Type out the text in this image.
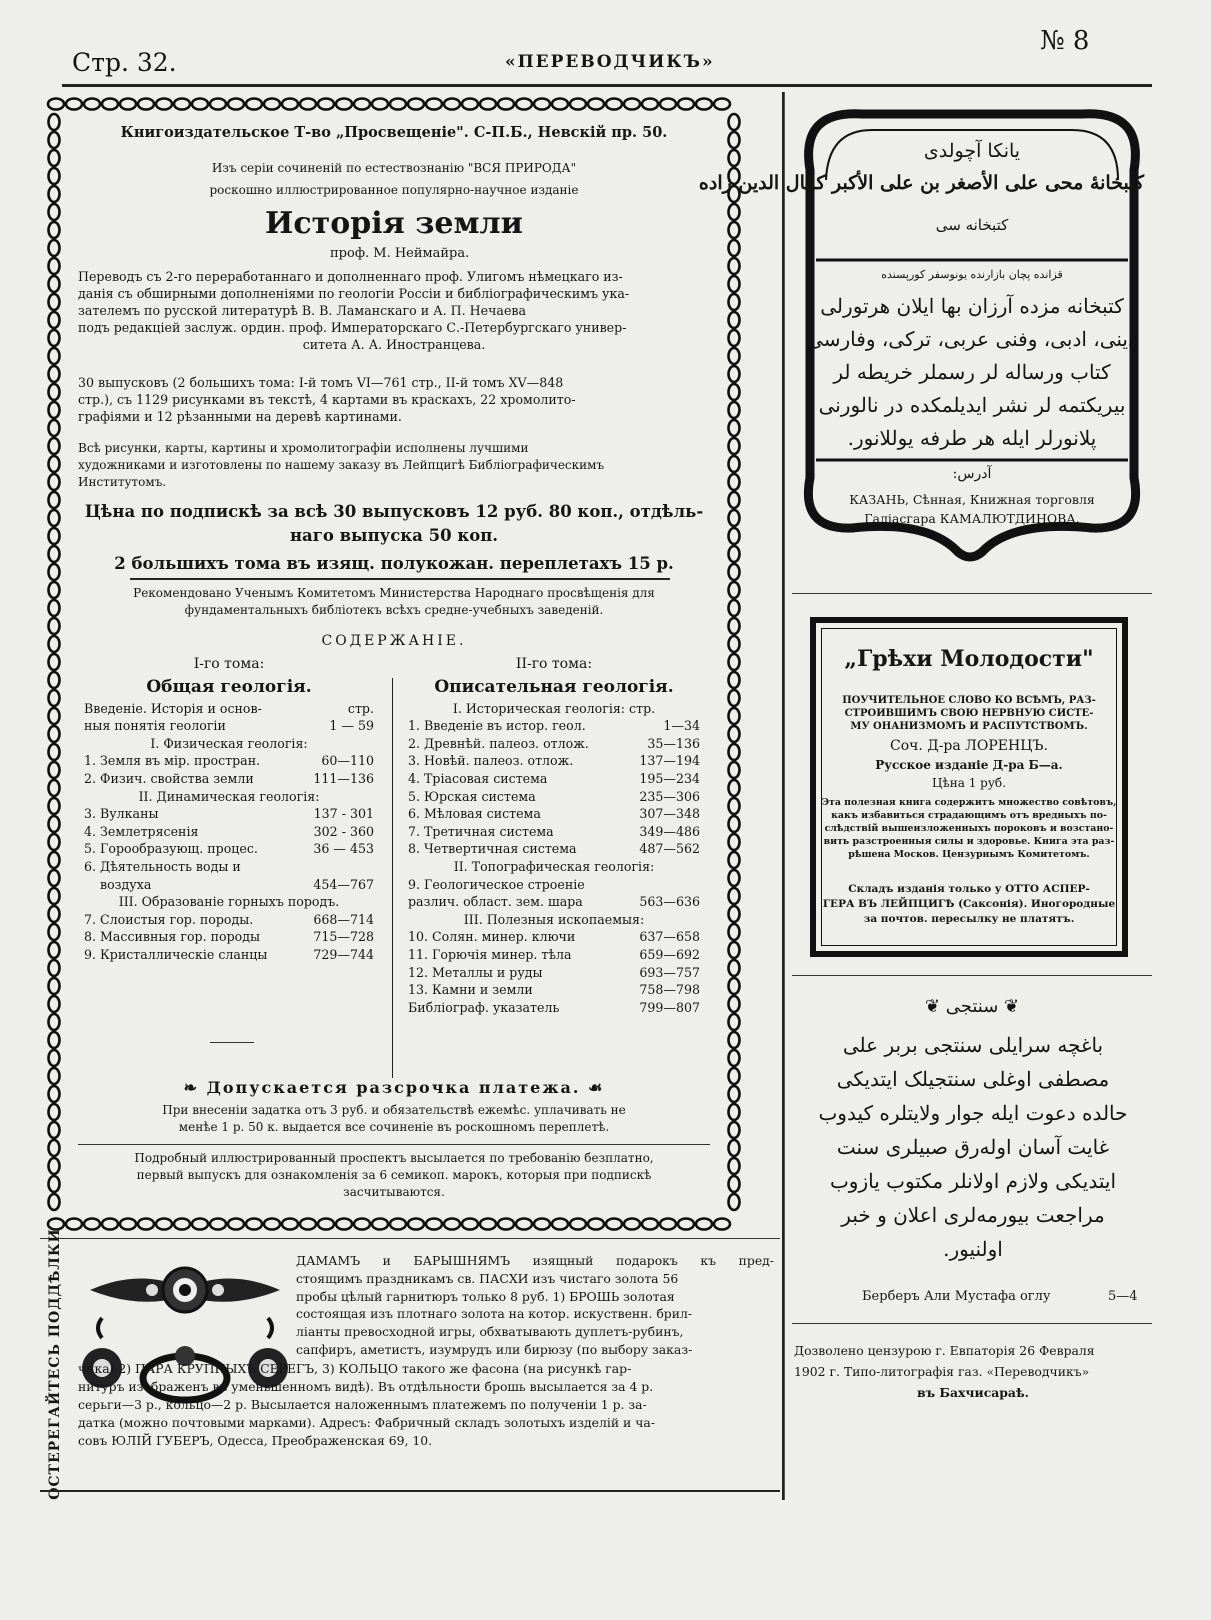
Стр. 32.	«ПЕРЕВОДЧИКЪ»
№ 8
Книгоиздательское Т-во „Просвещеніе". С-П.Б., Невскій пр. 50.
Изъ серіи сочиненій по естествознанію "ВСЯ ПРИРОДА"
роскошно иллюстрированное популярно-научное изданіе
Исторія земли
проф. М. Неймайра.
Переводъ съ 2-го переработаннаго и дополненнаго проф. Улигомъ нѣмецкаго из-
данія съ обширными дополненіями по геологіи Россіи и библіографическимъ ука-
зателемъ по русской литературѣ В. В. Ламанскаго и А. П. Нечаева
подъ редакціей заслуж. ордин. проф. Императорскаго С.-Петербургскаго универ-
ситета А. А. Иностранцева.
30 выпусковъ (2 большихъ тома: І-й томъ VІ—761 стр., ІІ-й томъ XV—848
стр.), съ 1129 рисунками въ текстѣ, 4 картами въ краскахъ, 22 хромолито-
графіями и 12 рѣзанными на деревѣ картинами.
Всѣ рисунки, карты, картины и хромолитографіи исполнены лучшими
художниками и изготовлены по нашему заказу въ Лейпцигѣ Библіографическимъ
Институтомъ.
Цѣна по подпискѣ за всѣ 30 выпусковъ 12 руб. 80 коп., отдѣль-
наго выпуска 50 коп.
2 большихъ тома въ изящ. полукожан. переплетахъ 15 р.
Рекомендовано Ученымъ Комитетомъ Министерства Народнаго просвѣщенія для
фундаментальныхъ библіотекъ всѣхъ средне-учебныхъ заведеній.
СОДЕРЖАНІЕ.
І-го тома:
Общая геологія.
Введеніе. Исторія и основ-	стр.
ныя понятія геологіи	1 — 59
І. Физическая геологія:
1. Земля въ мір. простран.	60—110
2. Физич. свойства земли	111—136
ІІ. Динамическая геологія:
3. Вулканы	137 - 301
4. Землетрясенія	302 - 360
5. Горообразующ. процес.	36 — 453
6. Дѣятельность воды и
воздуха	454—767
ІІІ. Образованіе горныхъ породъ.
7. Слоистыя гор. породы.	668—714
8. Массивныя гор. породы	715—728
9. Кристаллическіе сланцы	729—744
ІІ-го тома:
Описательная геологія.
І. Историческая геологія: стр.
1. Введеніе въ истор. геол.	1—34
2. Древнѣй. палеоз. отлож.	35—136
3. Новѣй. палеоз. отлож.	137—194
4. Тріасовая система	195—234
5. Юрская система	235—306
6. Мѣловая система	307—348
7. Третичная система	349—486
8. Четвертичная система	487—562
ІІ. Топографическая геологія:
9. Геологическое строеніе
различ. област. зем. шара	563—636
ІІІ. Полезныя ископаемыя:
10. Солян. минер. ключи	637—658
11. Горючія минер. тѣла	659—692
12. Металлы и руды	693—757
13. Камни и земли	758—798
Библіограф. указатель	799—807
❧ Допускается разсрочка платежа. ☙
При внесеніи задатка отъ 3 руб. и обязательствѣ ежемѣс. уплачивать не
менѣе 1 р. 50 к. выдается все сочиненіе въ роскошномъ переплетѣ.
Подробный иллюстрированный проспектъ высылается по требованію безплатно,
первый выпускъ для ознакомленія за 6 семикоп. марокъ, которыя при подпискѣ
засчитываются.
ОСТЕРЕГАЙТЕСЬ ПОДДѢЛКИ	ДАМАМЪ и БАРЫШНЯМЪ изящный подарокъ къ пред-
стоящимъ праздникамъ св. ПАСХИ изъ чистаго золота 56
пробы цѣлый гарнитюръ только 8 руб. 1) БРОШЬ золотая
состоящая изъ плотнаго золота на котор. искуственн. брил-
ліанты превосходной игры, обхватывають дуплетъ-рубинъ,
сапфиръ, аметистъ, изумрудъ или бирюзу (по выбору заказ-
чика) 2) ПАРА КРУПНЫХЪ СЕРЕГЪ, 3) КОЛЬЦО такого же фасона (на рисункѣ гар-
нитуръ изображенъ въ уменьшенномъ видѣ). Въ отдѣльности брошь высылается за 4 р.
серьги—3 р., кольцо—2 р. Высылается наложеннымъ платежемъ по полученіи 1 р. за-
датка (можно почтовыми марками). Адресъ: Фабричный складъ золотыхъ изделій и ча-
совъ ЮЛІЙ ГУБЕРЪ, Одесса, Преображенская 69, 10.
یانکا آچولدی
کتبخانۀ محی علی الأصغر بن علی الأکبر کمال الدین زاده
کتبخانه سی
قزانده پچان بازارنده یونوسفر کورپسنده
کتبخانه مزده آرزان بها ایلان هرتورلی
دینی، ادبی، وفنی عربی، ترکی، وفارسی
کتاب ورساله لر رسملر خریطه لر
بیریکتمه لر نشر ایدیلمکده در نالورنی
پلانورلر ایله هر طرفه یوللانور.
آدرس:
КАЗАНЬ, Сѣнная, Книжная торговля
Галіасгара КАМАЛЮТДИНОВА.
„Грѣхи Молодости"
ПОУЧИТЕЛЬНОЕ СЛОВО КО ВСѢМЪ, РАЗ-
СТРОИВШИМЪ СВОЮ НЕРВНУЮ СИСТЕ-
МУ ОНАНИЗМОМЪ И РАСПУТСТВОМЪ.
Соч. Д-ра ЛОРЕНЦЪ.
Русское изданіе Д-ра Б—а.
Цѣна 1 руб.
Эта полезная книга содержитъ множество совѣтовъ,
какъ избавиться страдающимъ отъ вредныхъ по-
слѣдствій вышеизложенныхъ пороковъ и возстано-
вить разстроенныя силы и здоровье. Книга эта раз-
рѣшена Москов. Цензурнымъ Комитетомъ.
Складъ изданія только у ОТТО АСПЕР-
ГЕРА ВЪ ЛЕЙПЦИГѢ (Саксонія). Иногородные
за почтов. пересылку не платятъ.
❦ سنتجی ❦
باغچه سرایلی سنتجی بربر علی
مصطفی اوغلی سنتجیلک ایتدیکی
حالده دعوت ایله جوار ولایتلره کیدوب
غایت آسان اولەرق صبیلری سنت
ایتدیکی ولازم اولانلر مکتوب یازوب
مراجعت بیورمه‌لری اعلان و خبر
اولنیور.
Берберъ Али Мустафа оглу	5—4
Дозволено цензурою г. Евпаторія 26 Февраля
1902 г. Типо-литографія газ. «Переводчикъ»
въ Бахчисараѣ.
